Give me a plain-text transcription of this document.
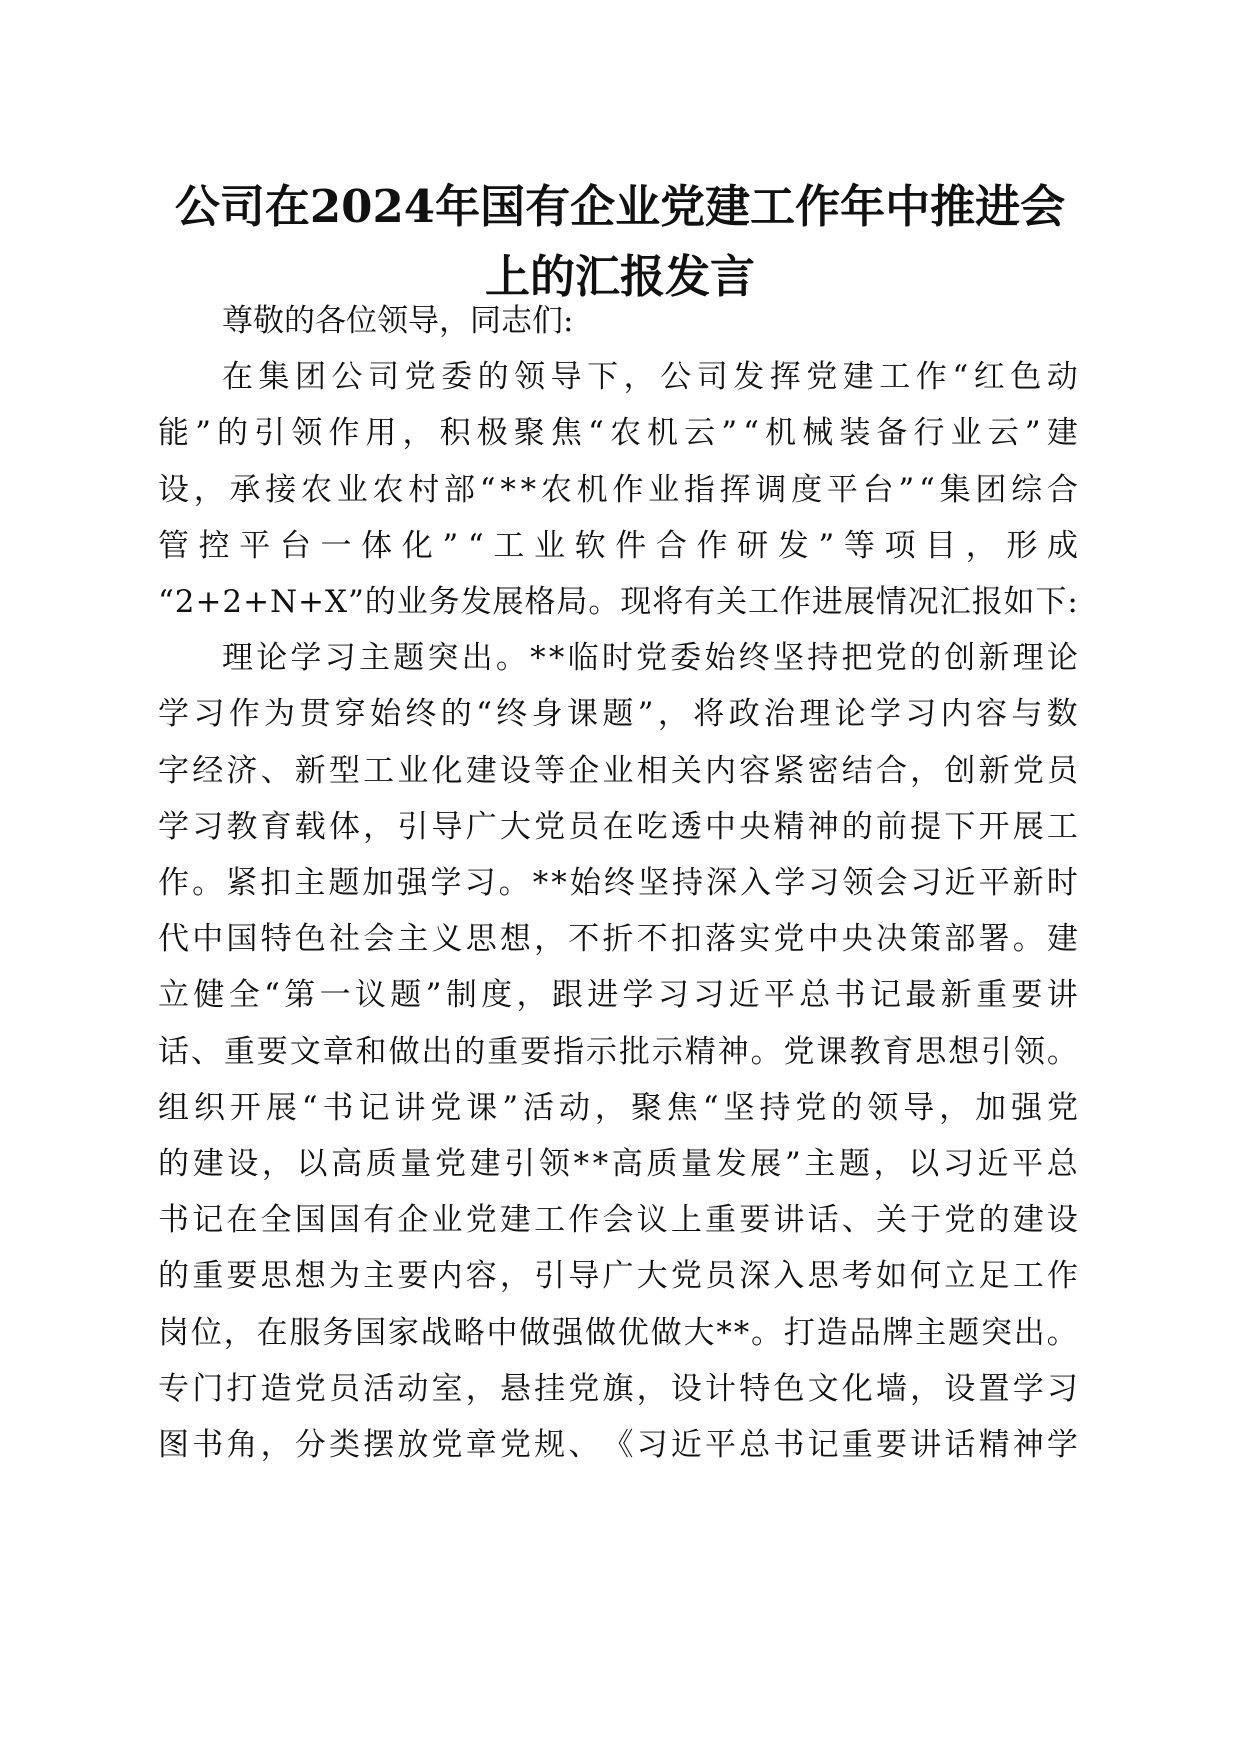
公司在2024年国有企业党建工作年中推进会
上的汇报发言
尊 敬 的 各 位 领 导 ， 同 志 们 :
在 集 团 公 司 党 委 的 领 导 下 ， 公 司 发 挥 党 建 工 作 “ 红 色 动
能 ” 的 引 领 作 用 ， 积 极 聚 焦 “ 农 机 云 ” “ 机 械 装 备 行 业 云 ” 建
设 ， 承 接 农 业 农 村 部 “ * * 农 机 作 业 指 挥 调 度 平 台 ” “ 集 团 综 合
管 控 平 台 一 体 化 ” “ 工 业 软 件 合 作 研 发 ” 等 项 目 ， 形 成
“ 2 + 2 + N + X ” 的 业 务 发 展 格 局 。 现 将 有 关 工 作 进 展 情 况 汇 报 如 下 :
理 论 学 习 主 题 突 出 。 * * 临 时 党 委 始 终 坚 持 把 党 的 创 新 理 论
学 习 作 为 贯 穿 始 终 的 “ 终 身 课 题 ” ， 将 政 治 理 论 学 习 内 容 与 数
字 经 济 、 新 型 工 业 化 建 设 等 企 业 相 关 内 容 紧 密 结 合 ， 创 新 党 员
学 习 教 育 载 体 ， 引 导 广 大 党 员 在 吃 透 中 央 精 神 的 前 提 下 开 展 工
作 。 紧 扣 主 题 加 强 学 习 。 * * 始 终 坚 持 深 入 学 习 领 会 习 近 平 新 时
代 中 国 特 色 社 会 主 义 思 想 ， 不 折 不 扣 落 实 党 中 央 决 策 部 署 。 建
立 健 全 “ 第 一 议 题 ” 制 度 ， 跟 进 学 习 习 近 平 总 书 记 最 新 重 要 讲
话 、 重 要 文 章 和 做 出 的 重 要 指 示 批 示 精 神 。 党 课 教 育 思 想 引 领 。
组 织 开 展 “ 书 记 讲 党 课 ” 活 动 ， 聚 焦 “ 坚 持 党 的 领 导 ， 加 强 党
的 建 设 ， 以 高 质 量 党 建 引 领 * * 高 质 量 发 展 ” 主 题 ， 以 习 近 平 总
书 记 在 全 国 国 有 企 业 党 建 工 作 会 议 上 重 要 讲 话 、 关 于 党 的 建 设
的 重 要 思 想 为 主 要 内 容 ， 引 导 广 大 党 员 深 入 思 考 如 何 立 足 工 作
岗 位 ， 在 服 务 国 家 战 略 中 做 强 做 优 做 大 * * 。 打 造 品 牌 主 题 突 出 。
专 门 打 造 党 员 活 动 室 ， 悬 挂 党 旗 ， 设 计 特 色 文 化 墙 ， 设 置 学 习
图 书 角 ， 分 类 摆 放 党 章 党 规 、 《 习 近 平 总 书 记 重 要 讲 话 精 神 学
